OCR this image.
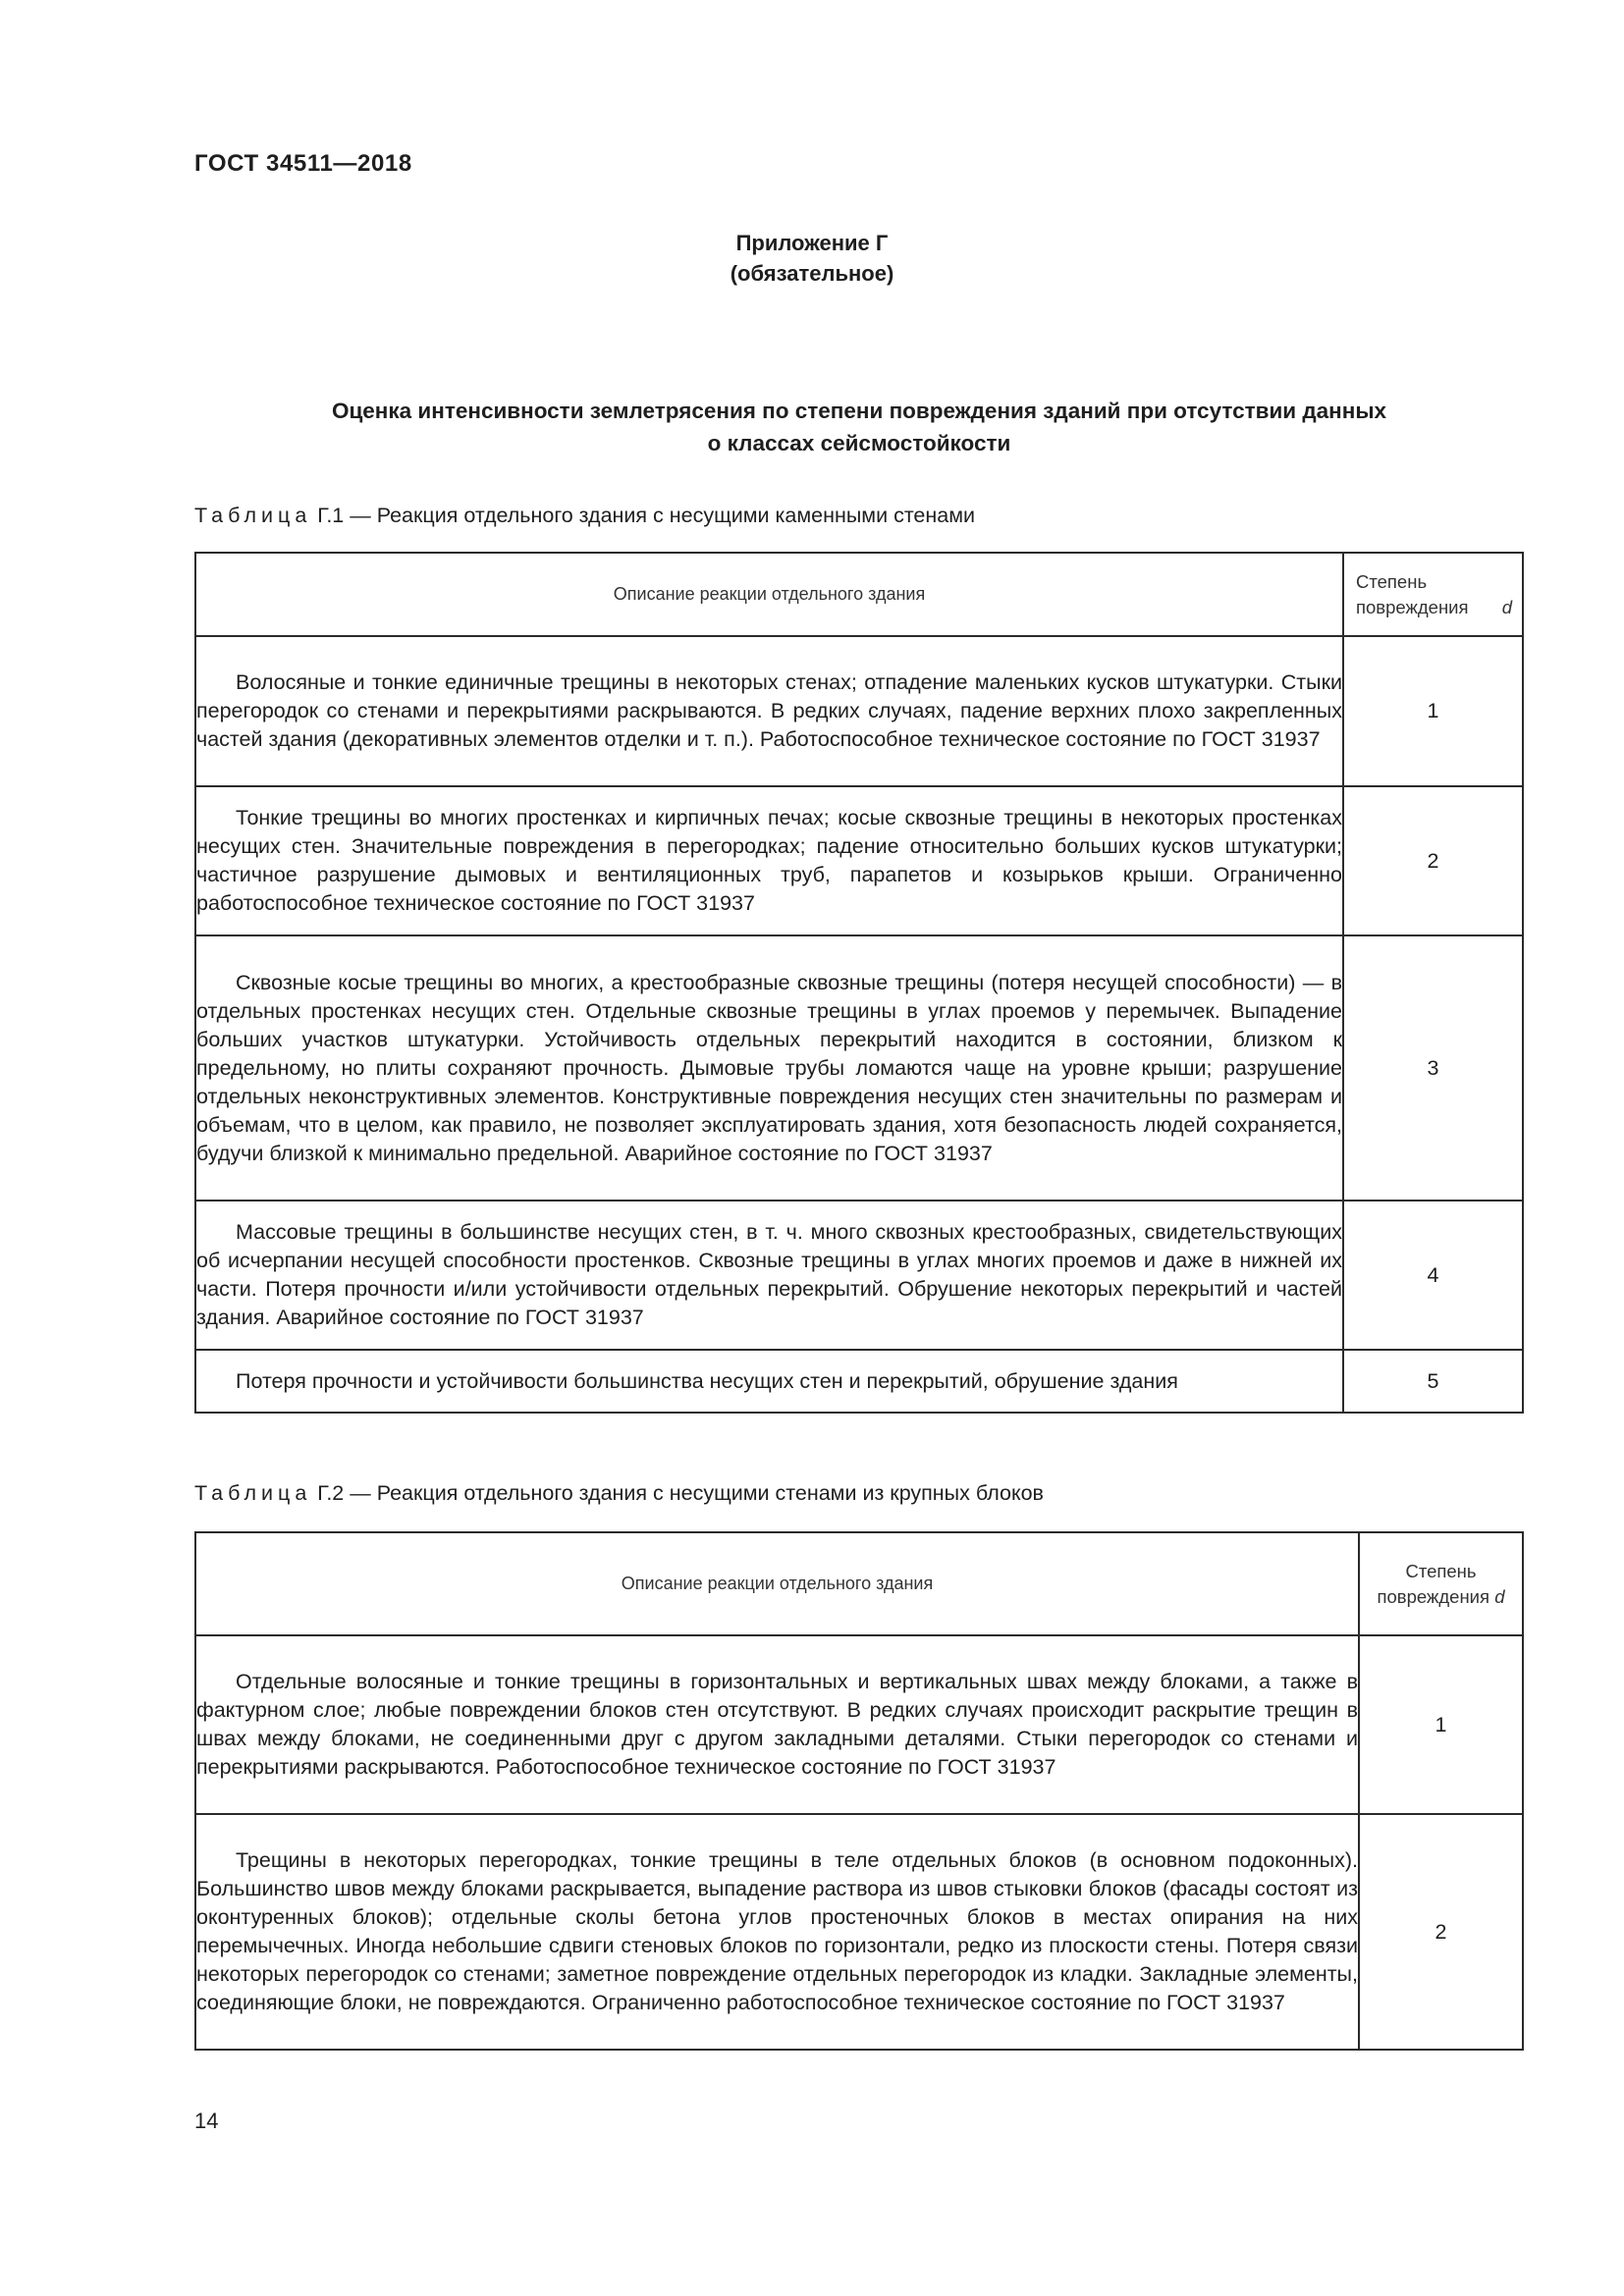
ГОСТ 34511—2018
Приложение Г
(обязательное)
Оценка интенсивности землетрясения по степени повреждения зданий при отсутствии данных
о классах сейсмостойкости
Таблица Г.1 — Реакция отдельного здания с несущими каменными стенами
Описание реакции отдельного здания	Степень повреждения d

Волосяные и тонкие единичные трещины в некоторых стенах; отпадение маленьких кусков штукатурки. Стыки перегородок со стенами и перекрытиями раскрываются. В редких случаях, падение верхних плохо закрепленных частей здания (декоративных элементов отделки и т. п.). Работоспособное техническое состояние по ГОСТ 31937	1

Тонкие трещины во многих простенках и кирпичных печах; косые сквозные трещины в некоторых простенках несущих стен. Значительные повреждения в перегородках; падение относительно больших кусков штукатурки; частичное разрушение дымовых и вентиляционных труб, парапетов и козырьков крыши. Ограниченно работоспособное техническое состояние по ГОСТ 31937	2

Сквозные косые трещины во многих, а крестообразные сквозные трещины (потеря несущей способности) — в отдельных простенках несущих стен. Отдельные сквозные трещины в углах проемов у перемычек. Выпадение больших участков штукатурки. Устойчивость отдельных перекрытий находится в состоянии, близком к предельному, но плиты сохраняют прочность. Дымовые трубы ломаются чаще на уровне крыши; разрушение отдельных неконструктивных элементов. Конструктивные повреждения несущих стен значительны по размерам и объемам, что в целом, как правило, не позволяет эксплуатировать здания, хотя безопасность людей сохраняется, будучи близкой к минимально предельной. Аварийное состояние по ГОСТ 31937	3

Массовые трещины в большинстве несущих стен, в т. ч. много сквозных крестообразных, свидетельствующих об исчерпании несущей способности простенков. Сквозные трещины в углах многих проемов и даже в нижней их части. Потеря прочности и/или устойчивости отдельных перекрытий. Обрушение некоторых перекрытий и частей здания. Аварийное состояние по ГОСТ 31937	4

Потеря прочности и устойчивости большинства несущих стен и перекрытий, обрушение здания	5
Таблица Г.2 — Реакция отдельного здания с несущими стенами из крупных блоков
Описание реакции отдельного здания	Степень повреждения d

Отдельные волосяные и тонкие трещины в горизонтальных и вертикальных швах между блоками, а также в фактурном слое; любые повреждении блоков стен отсутствуют. В редких случаях происходит раскрытие трещин в швах между блоками, не соединенными друг с другом закладными деталями. Стыки перегородок со стенами и перекрытиями раскрываются. Работоспособное техническое состояние по ГОСТ 31937	1

Трещины в некоторых перегородках, тонкие трещины в теле отдельных блоков (в основном подоконных). Большинство швов между блоками раскрывается, выпадение раствора из швов стыковки блоков (фасады состоят из оконтуренных блоков); отдельные сколы бетона углов простеночных блоков в местах опирания на них перемычечных. Иногда небольшие сдвиги стеновых блоков по горизонтали, редко из плоскости стены. Потеря связи некоторых перегородок со стенами; заметное повреждение отдельных перегородок из кладки. Закладные элементы, соединяющие блоки, не повреждаются. Ограниченно работоспособное техническое состояние по ГОСТ 31937	2
14
